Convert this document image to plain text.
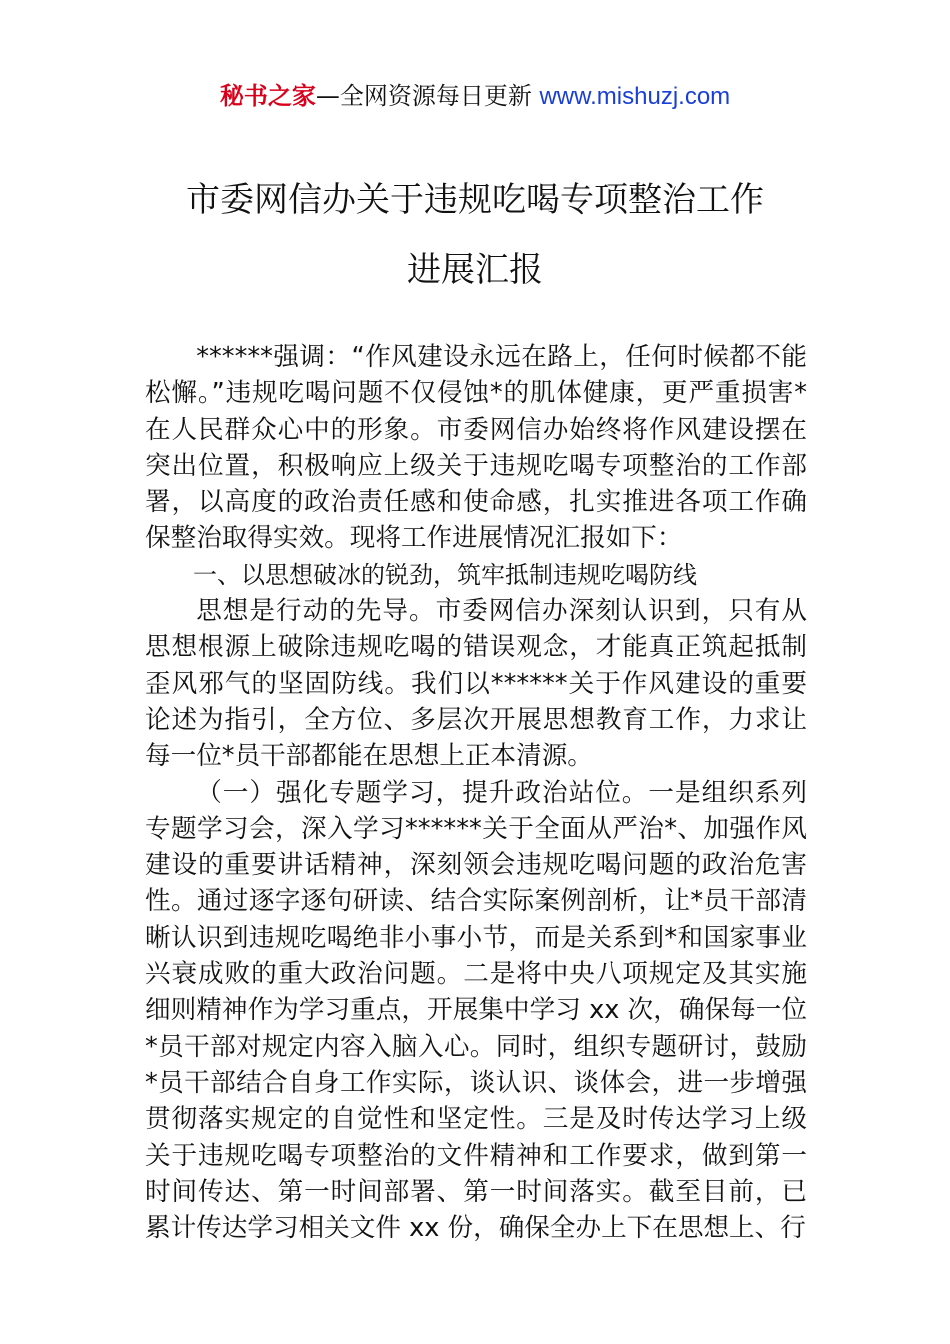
秘书之家—全网资源每日更新 www.mishuzj.com
市委网信办关于违规吃喝专项整治工作
进展汇报

******强调：“作风建设永远在路上，任何时候都不能松懈。”违规吃喝问题不仅侵蚀*的肌体健康，更严重损害*在人民群众心中的形象。市委网信办始终将作风建设摆在突出位置，积极响应上级关于违规吃喝专项整治的工作部署，以高度的政治责任感和使命感，扎实推进各项工作确保整治取得实效。现将工作进展情况汇报如下：

一、以思想破冰的锐劲，筑牢抵制违规吃喝防线

思想是行动的先导。市委网信办深刻认识到，只有从思想根源上破除违规吃喝的错误观念，才能真正筑起抵制歪风邪气的坚固防线。我们以******关于作风建设的重要论述为指引，全方位、多层次开展思想教育工作，力求让每一位*员干部都能在思想上正本清源。

（一）强化专题学习，提升政治站位。一是组织系列专题学习会，深入学习******关于全面从严治*、加强作风建设的重要讲话精神，深刻领会违规吃喝问题的政治危害性。通过逐字逐句研读、结合实际案例剖析，让*员干部清晰认识到违规吃喝绝非小事小节，而是关系到*和国家事业兴衰成败的重大政治问题。二是将中央八项规定及其实施细则精神作为学习重点，开展集中学习 xx 次，确保每一位*员干部对规定内容入脑入心。同时，组织专题研讨，鼓励*员干部结合自身工作实际，谈认识、谈体会，进一步增强贯彻落实规定的自觉性和坚定性。三是及时传达学习上级关于违规吃喝专项整治的文件精神和工作要求，做到第一时间传达、第一时间部署、第一时间落实。截至目前，已累计传达学习相关文件 xx 份，确保全办上下在思想上、行
